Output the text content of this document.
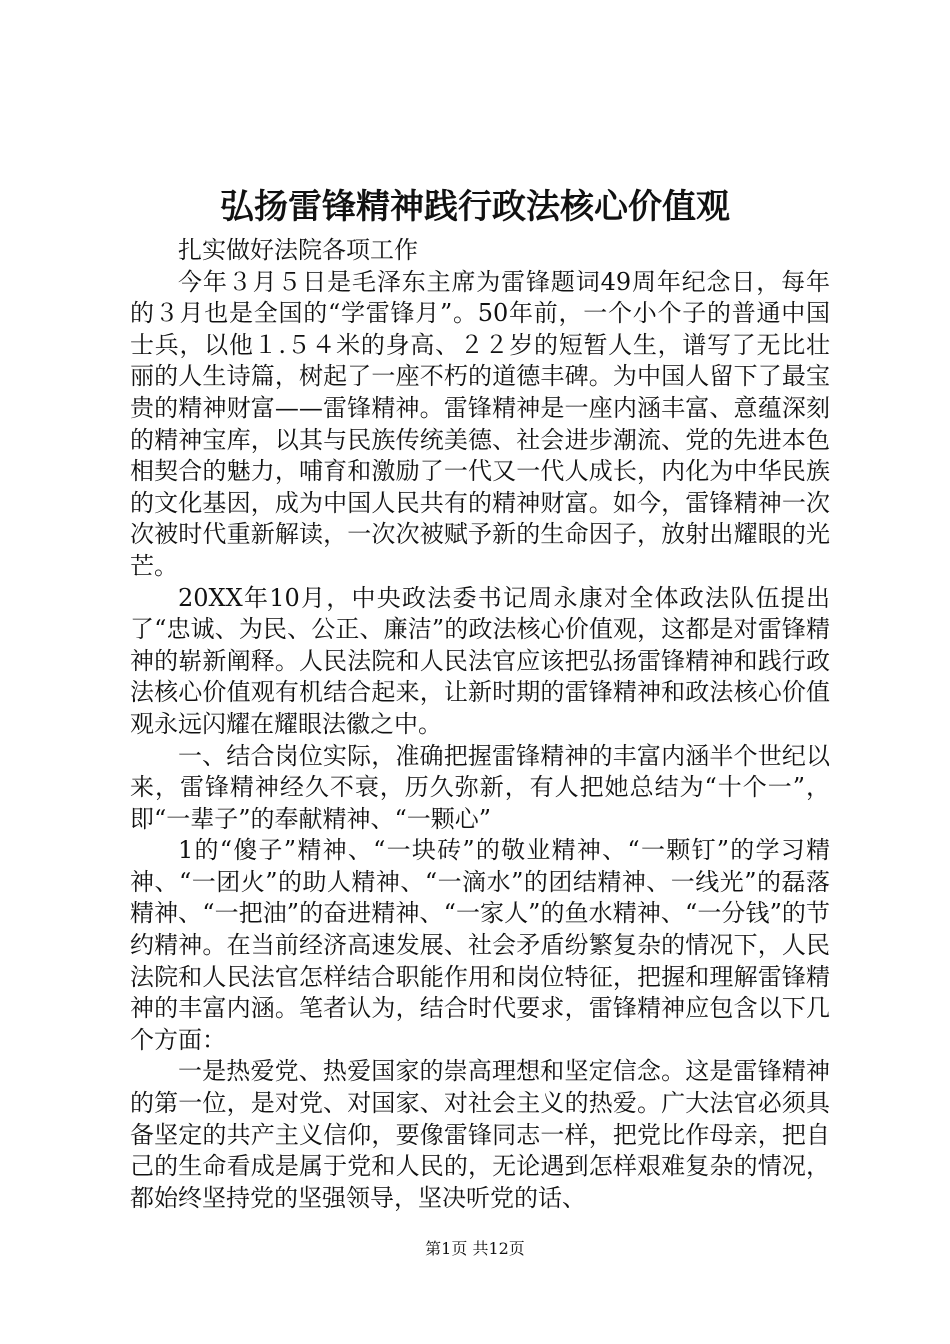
弘扬雷锋精神践行政法核心价值观

扎实做好法院各项工作

今年３月５日是毛泽东主席为雷锋题词49周年纪念日，每年的３月也是全国的“学雷锋月”。50年前，一个小个子的普通中国士兵，以他１.５４米的身高、２２岁的短暂人生，谱写了无比壮丽的人生诗篇，树起了一座不朽的道德丰碑。为中国人留下了最宝贵的精神财富——雷锋精神。雷锋精神是一座内涵丰富、意蕴深刻的精神宝库，以其与民族传统美德、社会进步潮流、党的先进本色相契合的魅力，哺育和激励了一代又一代人成长，内化为中华民族的文化基因，成为中国人民共有的精神财富。如今，雷锋精神一次次被时代重新解读，一次次被赋予新的生命因子，放射出耀眼的光芒。

20XX年10月，中央政法委书记周永康对全体政法队伍提出了“忠诚、为民、公正、廉洁”的政法核心价值观，这都是对雷锋精神的崭新阐释。人民法院和人民法官应该把弘扬雷锋精神和践行政法核心价值观有机结合起来，让新时期的雷锋精神和政法核心价值观永远闪耀在耀眼法徽之中。

一、结合岗位实际，准确把握雷锋精神的丰富内涵半个世纪以来，雷锋精神经久不衰，历久弥新，有人把她总结为“十个一”，即“一辈子”的奉献精神、“一颗心”

1的“傻子”精神、“一块砖”的敬业精神、“一颗钉”的学习精神、“一团火”的助人精神、“一滴水”的团结精神、一线光”的磊落精神、“一把油”的奋进精神、“一家人”的鱼水精神、“一分钱”的节约精神。在当前经济高速发展、社会矛盾纷繁复杂的情况下，人民法院和人民法官怎样结合职能作用和岗位特征，把握和理解雷锋精神的丰富内涵。笔者认为，结合时代要求，雷锋精神应包含以下几个方面：

一是热爱党、热爱国家的崇高理想和坚定信念。这是雷锋精神的第一位，是对党、对国家、对社会主义的热爱。广大法官必须具备坚定的共产主义信仰，要像雷锋同志一样，把党比作母亲，把自己的生命看成是属于党和人民的，无论遇到怎样艰难复杂的情况，都始终坚持党的坚强领导，坚决听党的话、

第1页 共12页
